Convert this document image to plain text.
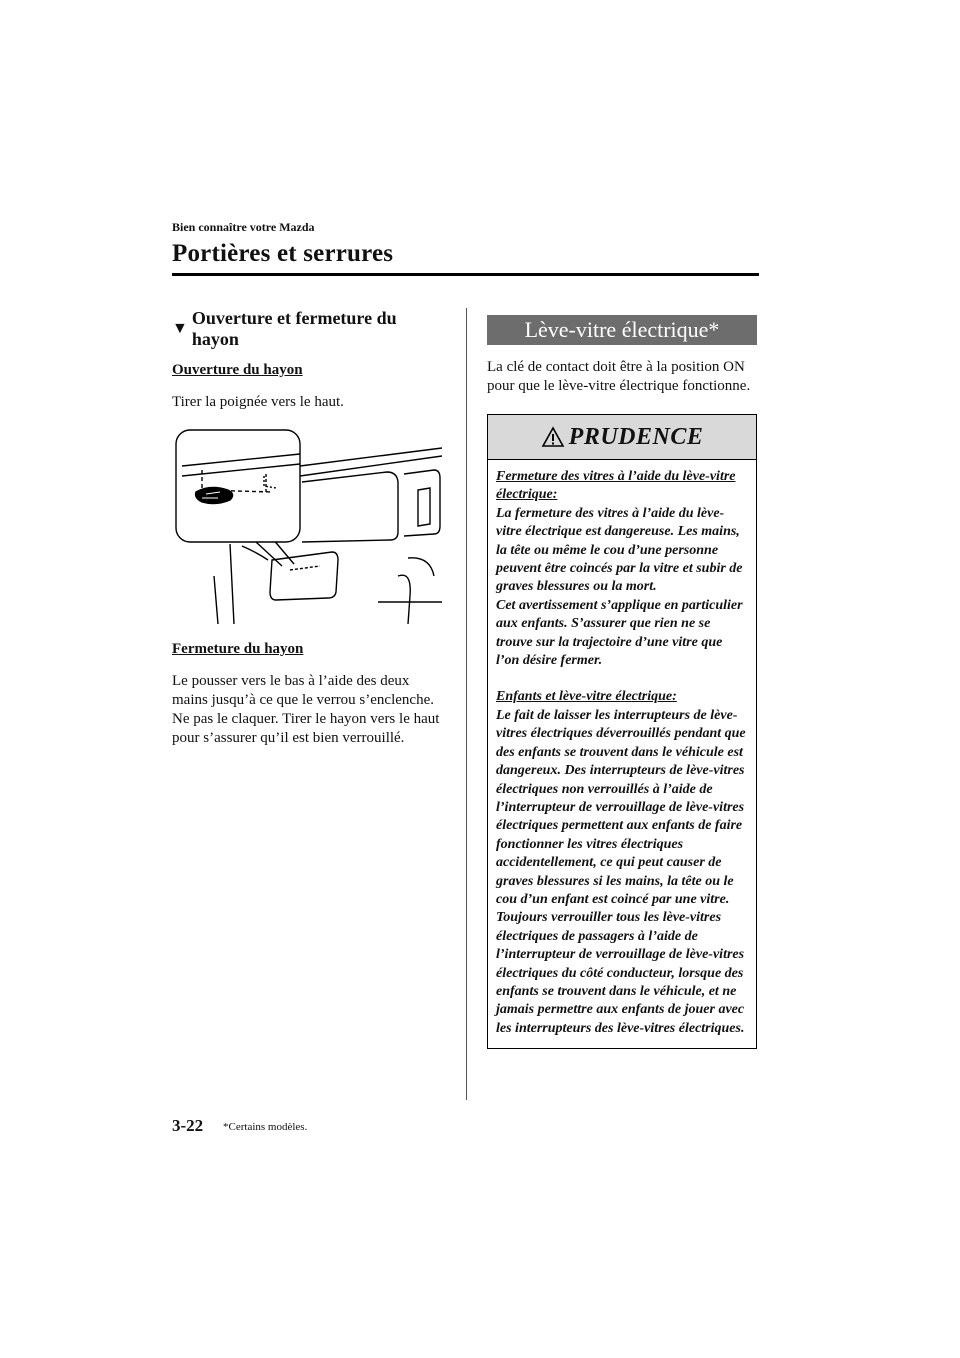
Bien connaître votre Mazda
Portières et serrures
▼
Ouverture et fermeture du hayon
Ouverture du hayon
Tirer la poignée vers le haut.
Fermeture du hayon
Le pousser vers le bas à l’aide des deux mains jusqu’à ce que le verrou s’enclenche. Ne pas le claquer. Tirer le hayon vers le haut pour s’assurer qu’il est bien verrouillé.
Lève-vitre électrique*
La clé de contact doit être à la position ON pour que le lève-vitre électrique fonctionne.
PRUDENCE
Fermeture des vitres à l’aide du lève-vitre électrique:

La fermeture des vitres à l’aide du lève-vitre électrique est dangereuse. Les mains, la tête ou même le cou d’une personne peuvent être coincés par la vitre et subir de graves blessures ou la mort.

Cet avertissement s’applique en particulier aux enfants. S’assurer que rien ne se trouve sur la trajectoire d’une vitre que l’on désire fermer.

Enfants et lève-vitre électrique:

Le fait de laisser les interrupteurs de lève-vitres électriques déverrouillés pendant que des enfants se trouvent dans le véhicule est dangereux. Des interrupteurs de lève-vitres électriques non verrouillés à l’aide de l’interrupteur de verrouillage de lève-vitres électriques permettent aux enfants de faire fonctionner les vitres électriques accidentellement, ce qui peut causer de graves blessures si les mains, la tête ou le cou d’un enfant est coincé par une vitre. Toujours verrouiller tous les lève-vitres électriques de passagers à l’aide de l’interrupteur de verrouillage de lève-vitres électriques du côté conducteur, lorsque des enfants se trouvent dans le véhicule, et ne jamais permettre aux enfants de jouer avec les interrupteurs des lève-vitres électriques.

3-22 *Certains modèles.
